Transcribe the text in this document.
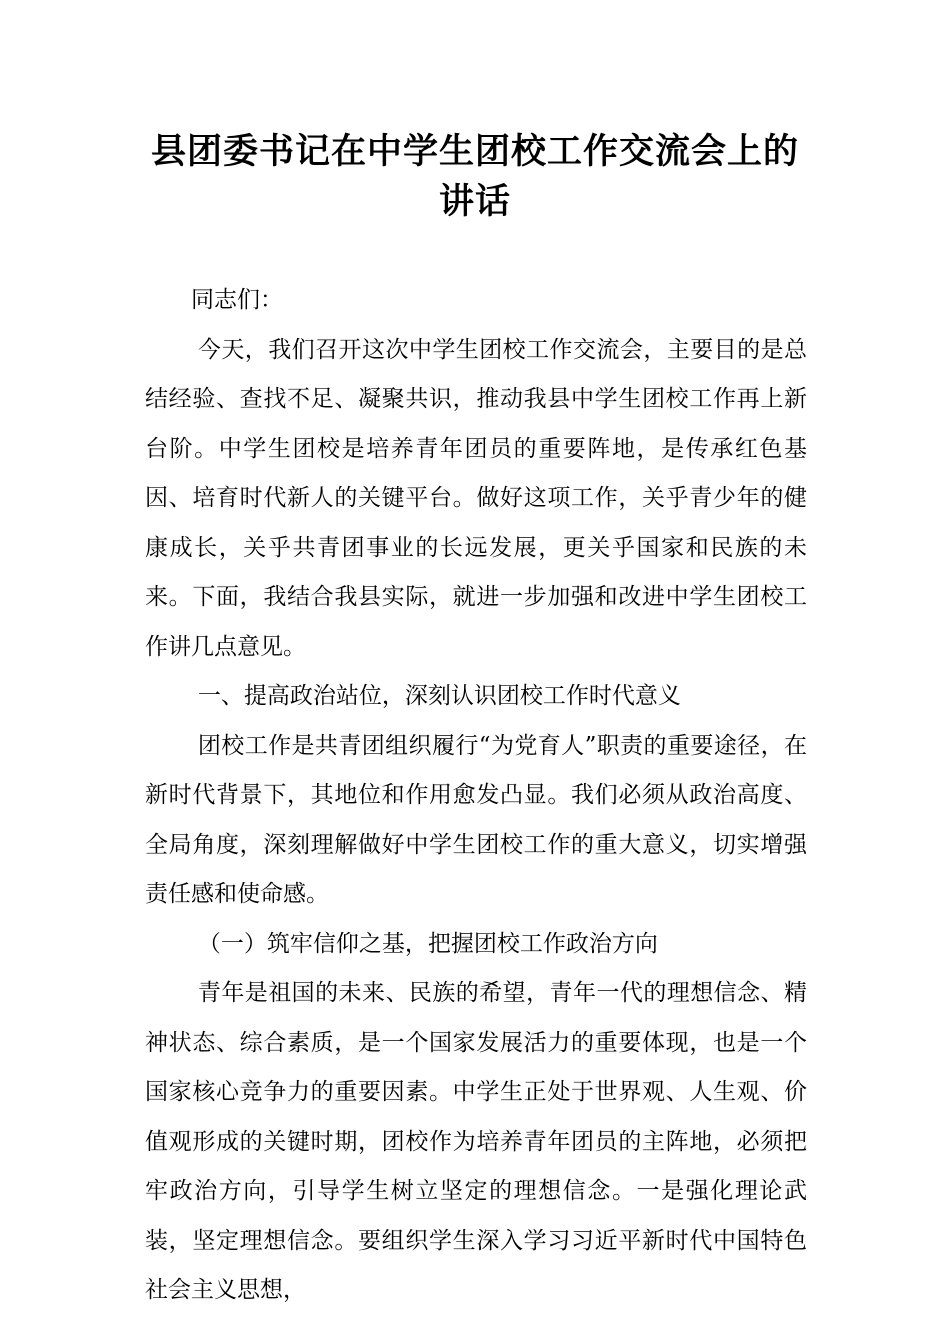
县团委书记在中学生团校工作交流会上的
讲话

同志们：

今天，我们召开这次中学生团校工作交流会，主要目的是总结经验、查找不足、凝聚共识，推动我县中学生团校工作再上新台阶。中学生团校是培养青年团员的重要阵地，是传承红色基因、培育时代新人的关键平台。做好这项工作，关乎青少年的健康成长，关乎共青团事业的长远发展，更关乎国家和民族的未来。下面，我结合我县实际，就进一步加强和改进中学生团校工作讲几点意见。

一、提高政治站位，深刻认识团校工作时代意义

团校工作是共青团组织履行“为党育人”职责的重要途径，在新时代背景下，其地位和作用愈发凸显。我们必须从政治高度、全局角度，深刻理解做好中学生团校工作的重大意义，切实增强责任感和使命感。

（一）筑牢信仰之基，把握团校工作政治方向

青年是祖国的未来、民族的希望，青年一代的理想信念、精神状态、综合素质，是一个国家发展活力的重要体现，也是一个国家核心竞争力的重要因素。中学生正处于世界观、人生观、价值观形成的关键时期，团校作为培养青年团员的主阵地，必须把牢政治方向，引导学生树立坚定的理想信念。一是强化理论武装，坚定理想信念。要组织学生深入学习习近平新时代中国特色社会主义思想，
